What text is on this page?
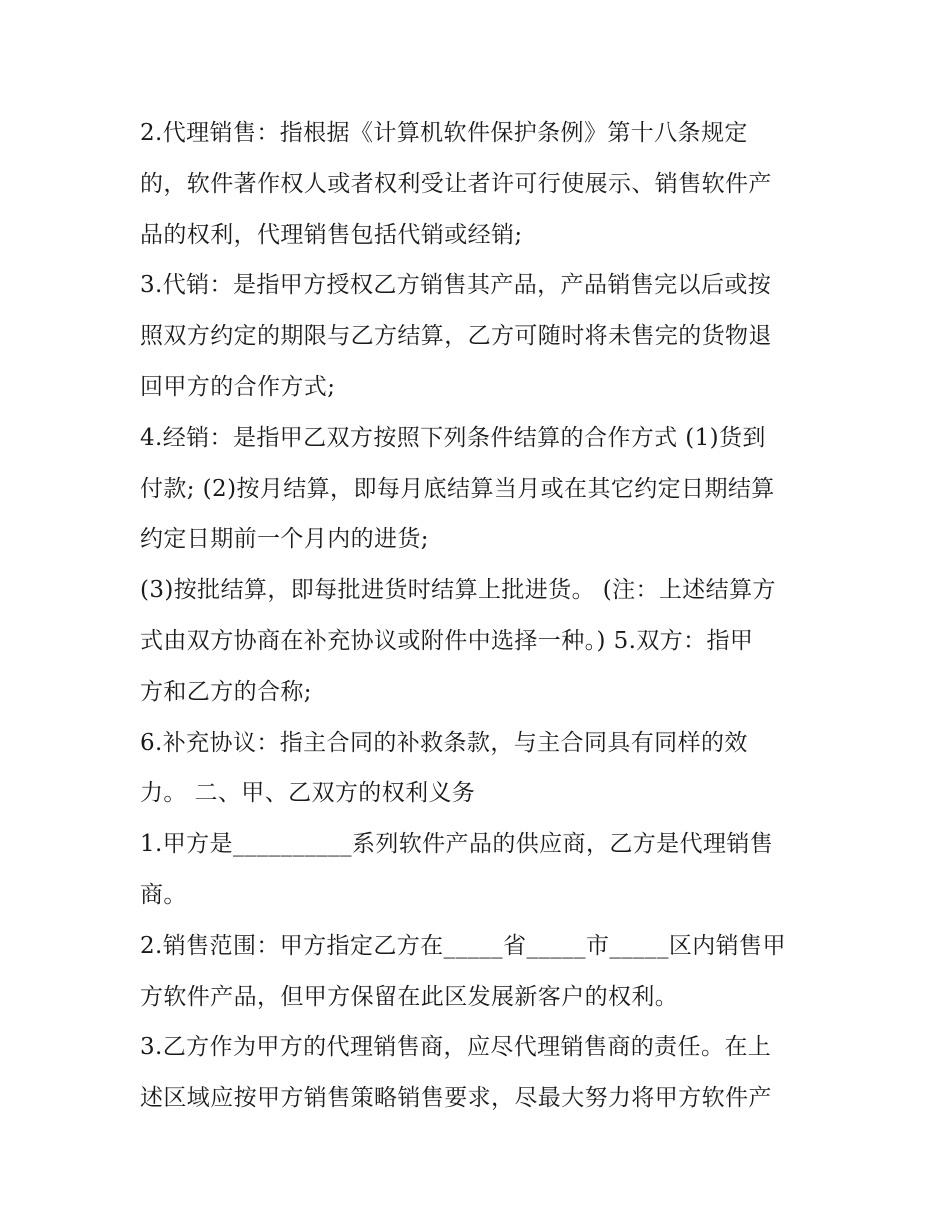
2.代理销售：指根据《计算机软件保护条例》第十八条规定
的，软件著作权人或者权利受让者许可行使展示、销售软件产
品的权利，代理销售包括代销或经销;
3.代销：是指甲方授权乙方销售其产品，产品销售完以后或按
照双方约定的期限与乙方结算，乙方可随时将未售完的货物退
回甲方的合作方式;
4.经销：是指甲乙双方按照下列条件结算的合作方式 (1)货到
付款; (2)按月结算，即每月底结算当月或在其它约定日期结算
约定日期前一个月内的进货;
(3)按批结算，即每批进货时结算上批进货。 (注：上述结算方
式由双方协商在补充协议或附件中选择一种。) 5.双方：指甲
方和乙方的合称;
6.补充协议：指主合同的补救条款，与主合同具有同样的效
力。 二、甲、乙双方的权利义务
1.甲方是__________系列软件产品的供应商，乙方是代理销售
商。
2.销售范围：甲方指定乙方在_____省_____市_____区内销售甲
方软件产品，但甲方保留在此区发展新客户的权利。
3.乙方作为甲方的代理销售商，应尽代理销售商的责任。在上
述区域应按甲方销售策略销售要求，尽最大努力将甲方软件产
